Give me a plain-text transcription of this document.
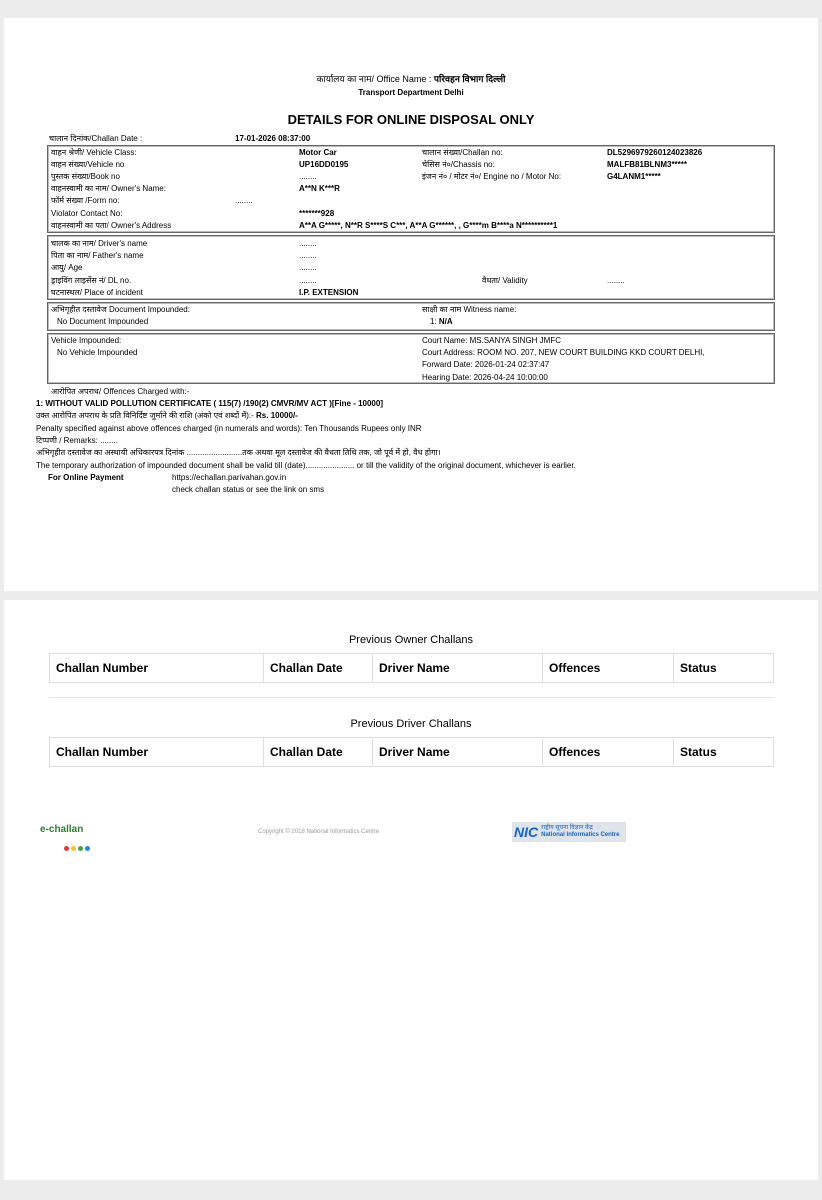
कार्यालय का नाम/ Office Name : परिवहन विभाग दिल्ली
Transport Department Delhi
DETAILS FOR ONLINE DISPOSAL ONLY
चालान दिनांक/Challan Date :	17-01-2026 08:37:00
वाहन श्रेणी/ Vehicle Class:	Motor Car	चालान संख्या/Challan no:	DL5296979260124023826
वाहन संख्या/Vehicle no	UP16DD0195	चेसिस नं०/Chassis no:	MALFB81BLNM3*****
पुस्तक संख्या/Book no	........	इंजन नं० / मोटर नं०/ Engine no / Motor No:	G4LANM1*****
वाहनस्वामी का नाम/ Owner's Name:	A**N K***R
फॉर्म संख्या /Form no:	........
Violator Contact No:	*******928
वाहनस्वामी का पता/ Owner's Address	A**A G*****, N**R S****S C***, A**A G******, , G****m B****a N**********1
चालक का नाम/ Driver's name	........
पिता का नाम/ Father's name	........
आयु/ Age	........
ड्राइविंग लाइसेंस नं/ DL no.	........	वैधता/ Validity	........
घटनास्थल/ Place of incident	I.P. EXTENSION
अभिगृहीत दस्तावेज Document Impounded:
No Document Impounded
साक्षी का नाम Witness name:
1: N/A
Vehicle Impounded:
No Vehicle Impounded
Court Name: MS.SANYA SINGH JMFC
Court Address: ROOM NO. 207, NEW COURT BUILDING KKD COURT DELHI,
Forward Date: 2026-01-24 02:37:47
Hearing Date: 2026-04-24 10:00:00
आरोपित अपराध/ Offences Charged with:-
1: WITHOUT VALID POLLUTION CERTIFICATE ( 115(7) /190(2) CMVR/MV ACT )[Fine - 10000]
उक्त आरोपित अपराध के प्रति विनिर्दिष्ट जुर्माने की राशि (अंको एवं शब्दों में):- Rs. 10000/-
Penalty specified against above offences charged (in numerals and words): Ten Thousands Rupees only INR
टिप्पणी / Remarks: ........
अभिगृहीत दस्तावेज का अस्थायी अधिकारपत्र दिनांक .........................तक अथवा मूल दस्तावेज की वैधता तिथि तक, जो पूर्व में हो, वैध होगा।
The temporary authorization of impounded document shall be valid till (date)...................... or till the validity of the original document, whichever is earlier.
For Online Payment	https://echallan.parivahan.gov.in
check challan status or see the link on sms
Previous Owner Challans
Challan Number	Challan Date	Driver Name	Offences	Status
Previous Driver Challans
Challan Number	Challan Date	Driver Name	Offences	Status
e-challan	Copyright © 2018 National Informatics Centre	NIC राष्ट्रीय सूचना विज्ञान केंद्र
National Informatics Centre
